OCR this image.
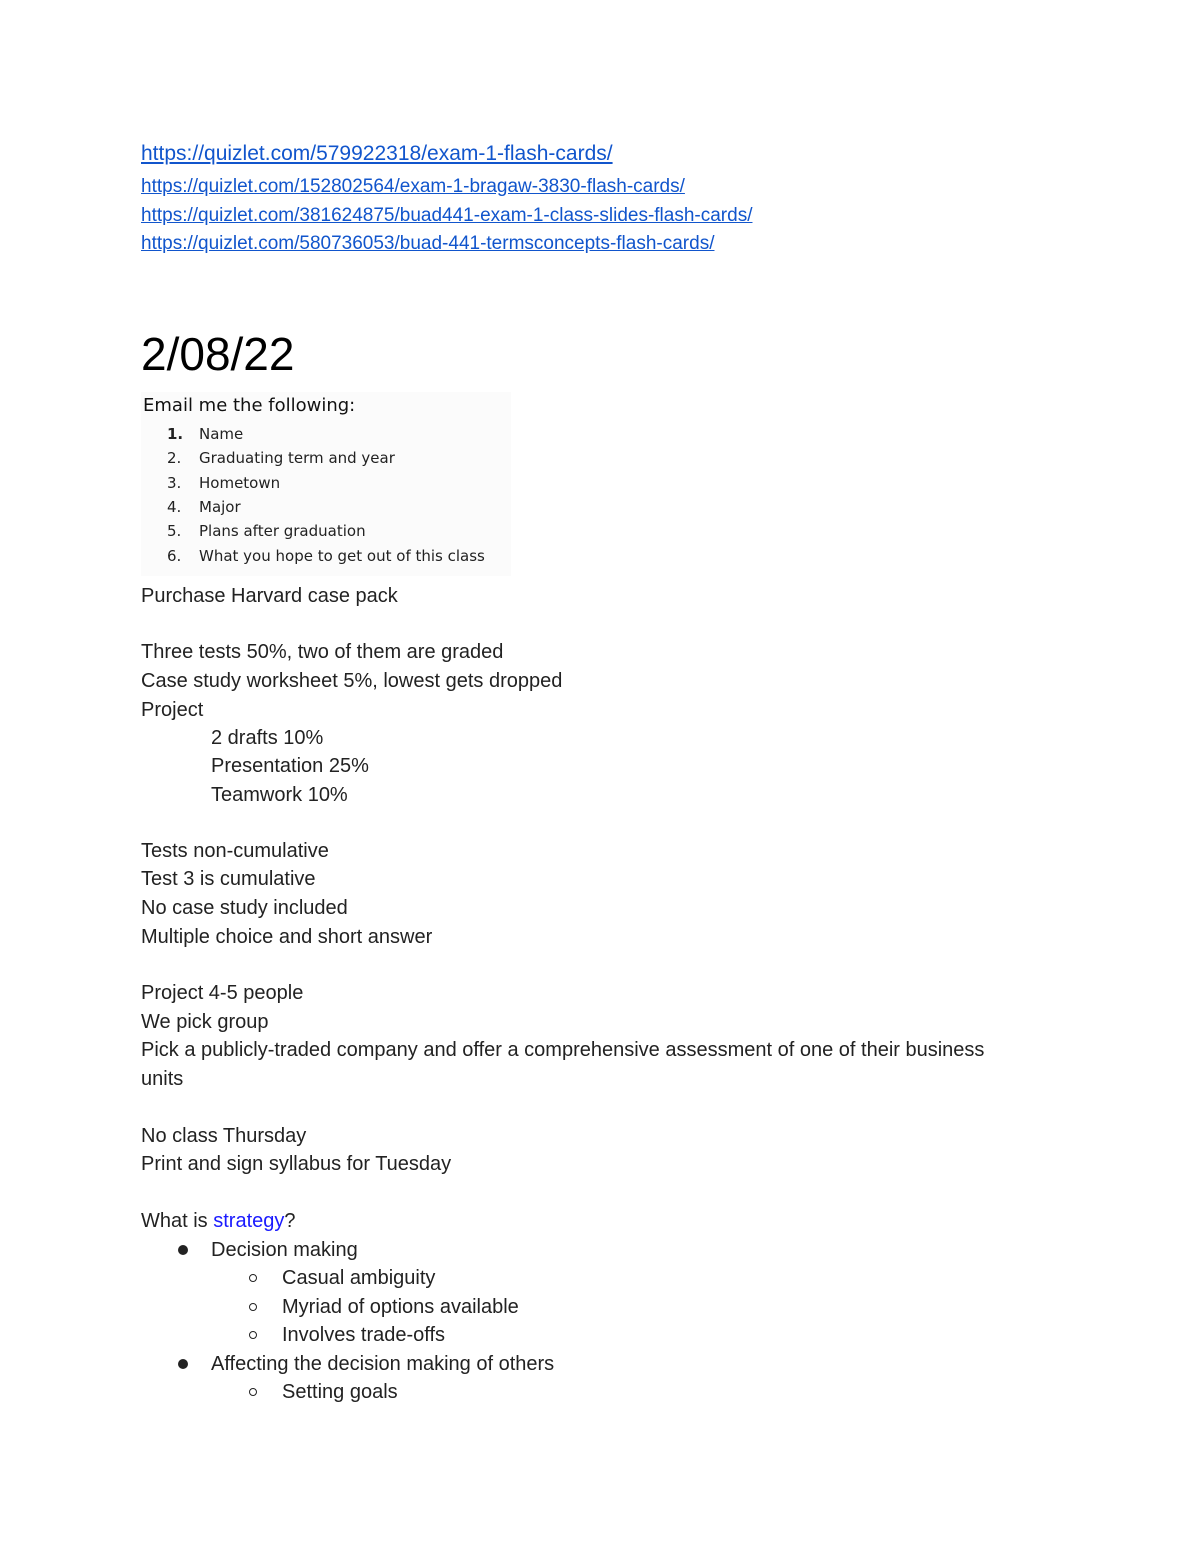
https://quizlet.com/579922318/exam-1-flash-cards/
https://quizlet.com/152802564/exam-1-bragaw-3830-flash-cards/
https://quizlet.com/381624875/buad441-exam-1-class-slides-flash-cards/
https://quizlet.com/580736053/buad-441-termsconcepts-flash-cards/
2/08/22
Email me the following:
1. Name
2. Graduating term and year
3. Hometown
4. Major
5. Plans after graduation
6. What you hope to get out of this class
Purchase Harvard case pack
Three tests 50%, two of them are graded
Case study worksheet 5%, lowest gets dropped
Project
2 drafts 10%
Presentation 25%
Teamwork 10%
Tests non-cumulative
Test 3 is cumulative
No case study included
Multiple choice and short answer
Project 4-5 people
We pick group
Pick a publicly-traded company and offer a comprehensive assessment of one of their business
units
No class Thursday
Print and sign syllabus for Tuesday
What is strategy?
Decision making
Casual ambiguity
Myriad of options available
Involves trade-offs
Affecting the decision making of others
Setting goals
